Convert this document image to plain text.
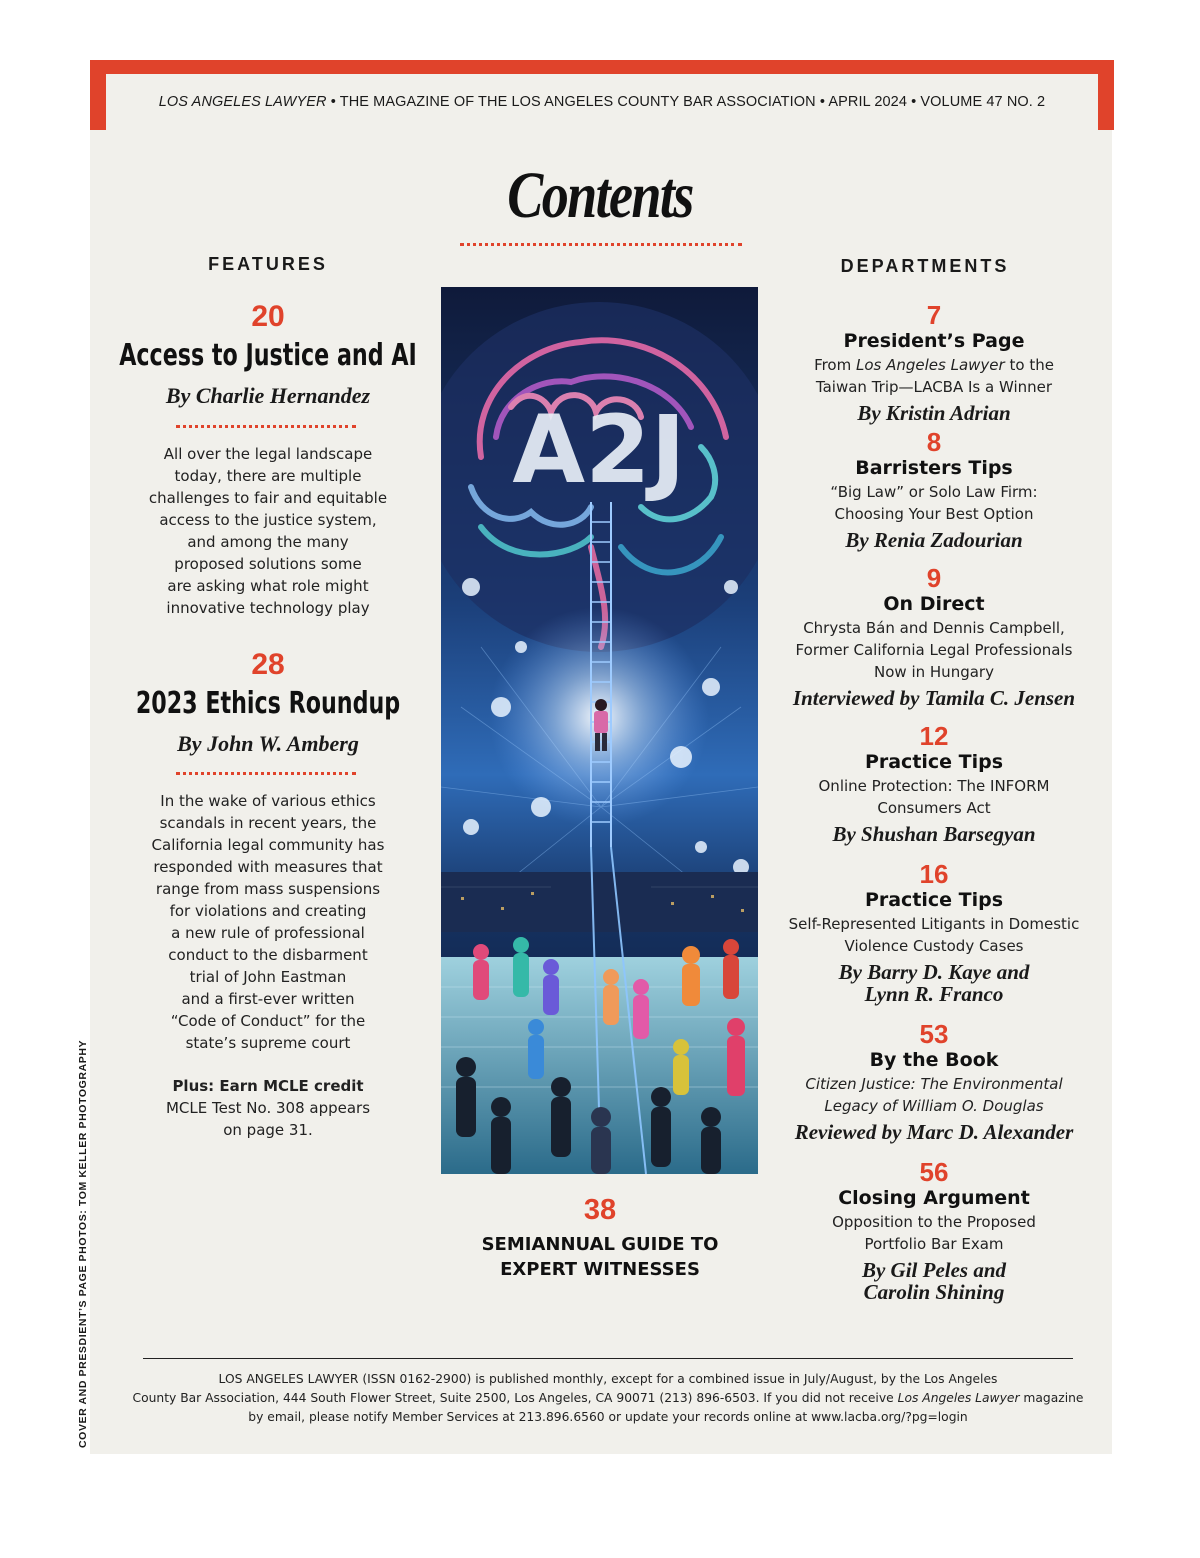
LOS ANGELES LAWYER • THE MAGAZINE OF THE LOS ANGELES COUNTY BAR ASSOCIATION • APRIL 2024 • VOLUME 47 NO. 2
Contents
FEATURES
20
Access to Justice and AI
By Charlie Hernandez
All over the legal landscape
today, there are multiple
challenges to fair and equitable
access to the justice system,
and among the many
proposed solutions some
are asking what role might
innovative technology play
28
2023 Ethics Roundup
By John W. Amberg
In the wake of various ethics
scandals in recent years, the
California legal community has
responded with measures that
range from mass suspensions
for violations and creating
a new rule of professional
conduct to the disbarment
trial of John Eastman
and a first-ever written
“Code of Conduct” for the
state’s supreme court
Plus: Earn MCLE credit
MCLE Test No. 308 appears
on page 31.
A2J
38
SEMIANNUAL GUIDE TO
EXPERT WITNESSES
DEPARTMENTS
7
President’s Page
From Los Angeles Lawyer to the
Taiwan Trip—LACBA Is a Winner
By Kristin Adrian
8
Barristers Tips
“Big Law” or Solo Law Firm:
Choosing Your Best Option
By Renia Zadourian
9
On Direct
Chrysta Bán and Dennis Campbell,
Former California Legal Professionals
Now in Hungary
Interviewed by Tamila C. Jensen
12
Practice Tips
Online Protection: The INFORM
Consumers Act
By Shushan Barsegyan
16
Practice Tips
Self-Represented Litigants in Domestic
Violence Custody Cases
By Barry D. Kaye and
Lynn R. Franco
53
By the Book
Citizen Justice: The Environmental
Legacy of William O. Douglas
Reviewed by Marc D. Alexander
56
Closing Argument
Opposition to the Proposed
Portfolio Bar Exam
By Gil Peles and
Carolin Shining
LOS ANGELES LAWYER (ISSN 0162-2900) is published monthly, except for a combined issue in July/August, by the Los Angeles
County Bar Association, 444 South Flower Street, Suite 2500, Los Angeles, CA 90071 (213) 896-6503. If you did not receive Los Angeles Lawyer magazine
by email, please notify Member Services at 213.896.6560 or update your records online at www.lacba.org/?pg=login
COVER AND PRESDIENT’S PAGE PHOTOS: TOM KELLER PHOTOGRAPHY
